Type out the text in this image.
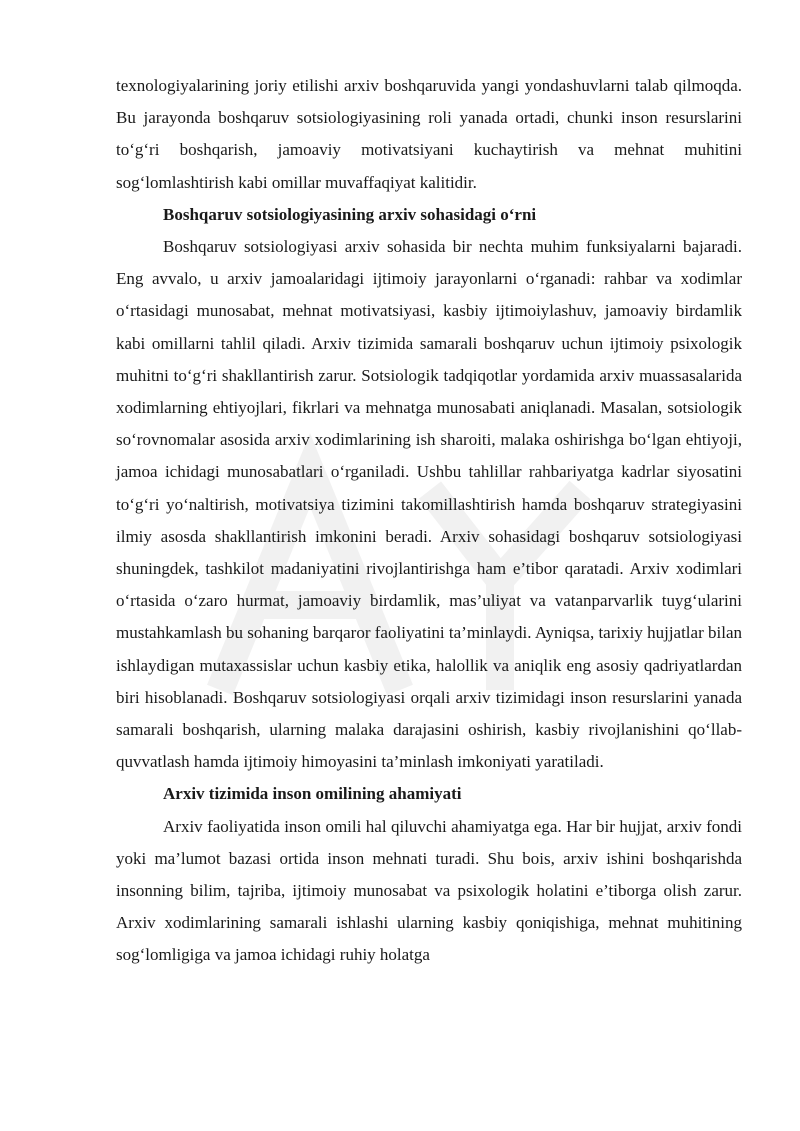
texnologiyalarining joriy etilishi arxiv boshqaruvida yangi yondashuvlarni talab qilmoqda. Bu jarayonda boshqaruv sotsiologiyasining roli yanada ortadi, chunki inson resurslarini to‘g‘ri boshqarish, jamoaviy motivatsiyani kuchaytirish va mehnat muhitini sog‘lomlashtirish kabi omillar muvaffaqiyat kalitidir.

Boshqaruv sotsiologiyasining arxiv sohasidagi o‘rni

Boshqaruv sotsiologiyasi arxiv sohasida bir nechta muhim funksiyalarni bajaradi. Eng avvalo, u arxiv jamoalaridagi ijtimoiy jarayonlarni o‘rganadi: rahbar va xodimlar o‘rtasidagi munosabat, mehnat motivatsiyasi, kasbiy ijtimoiylashuv, jamoaviy birdamlik kabi omillarni tahlil qiladi. Arxiv tizimida samarali boshqaruv uchun ijtimoiy psixologik muhitni to‘g‘ri shakllantirish zarur. Sotsiologik tadqiqotlar yordamida arxiv muassasalarida xodimlarning ehtiyojlari, fikrlari va mehnatga munosabati aniqlanadi. Masalan, sotsiologik so‘rovnomalar asosida arxiv xodimlarining ish sharoiti, malaka oshirishga bo‘lgan ehtiyoji, jamoa ichidagi munosabatlari o‘rganiladi. Ushbu tahlillar rahbariyatga kadrlar siyosatini to‘g‘ri yo‘naltirish, motivatsiya tizimini takomillashtirish hamda boshqaruv strategiyasini ilmiy asosda shakllantirish imkonini beradi. Arxiv sohasidagi boshqaruv sotsiologiyasi shuningdek, tashkilot madaniyatini rivojlantirishga ham e’tibor qaratadi. Arxiv xodimlari o‘rtasida o‘zaro hurmat, jamoaviy birdamlik, mas’uliyat va vatanparvarlik tuyg‘ularini mustahkamlash bu sohaning barqaror faoliyatini ta’minlaydi. Ayniqsa, tarixiy hujjatlar bilan ishlaydigan mutaxassislar uchun kasbiy etika, halollik va aniqlik eng asosiy qadriyatlardan biri hisoblanadi. Boshqaruv sotsiologiyasi orqali arxiv tizimidagi inson resurslarini yanada samarali boshqarish, ularning malaka darajasini oshirish, kasbiy rivojlanishini qo‘llab-quvvatlash hamda ijtimoiy himoyasini ta’minlash imkoniyati yaratiladi.

Arxiv tizimida inson omilining ahamiyati

Arxiv faoliyatida inson omili hal qiluvchi ahamiyatga ega. Har bir hujjat, arxiv fondi yoki ma’lumot bazasi ortida inson mehnati turadi. Shu bois, arxiv ishini boshqarishda insonning bilim, tajriba, ijtimoiy munosabat va psixologik holatini e’tiborga olish zarur. Arxiv xodimlarining samarali ishlashi ularning kasbiy qoniqishiga, mehnat muhitining sog‘lomligiga va jamoa ichidagi ruhiy holatga
